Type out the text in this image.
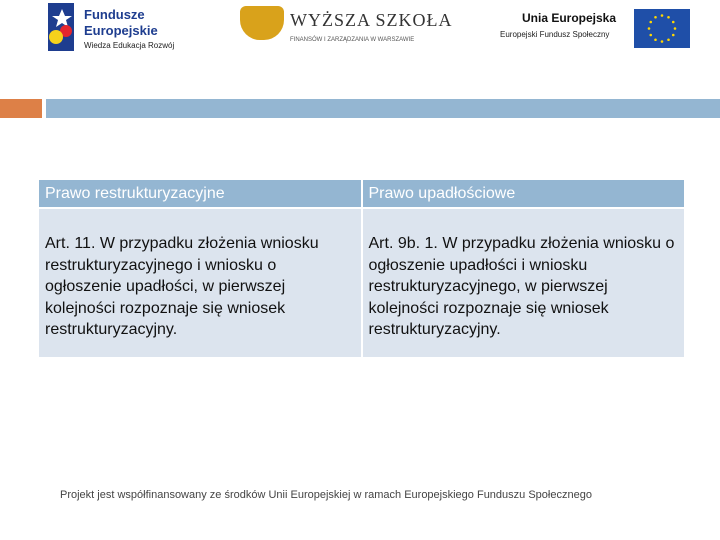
Fundusze
Europejskie
Wiedza Edukacja Rozwój
WYŻSZA SZKOŁA
FINANSÓW I ZARZĄDZANIA W WARSZAWIE
Unia Europejska
Europejski Fundusz Społeczny
Prawo restrukturyzacyjne	Prawo upadłościowe
Art. 11. W przypadku złożenia wniosku restrukturyzacyjnego i wniosku o ogłoszenie upadłości, w pierwszej kolejności rozpoznaje się wniosek restrukturyzacyjny.	Art. 9b. 1. W przypadku złożenia wniosku o ogłoszenie upadłości i wniosku restrukturyzacyjnego, w pierwszej kolejności rozpoznaje się wniosek restrukturyzacyjny.
Projekt jest współfinansowany ze środków Unii Europejskiej w ramach Europejskiego Funduszu Społecznego
